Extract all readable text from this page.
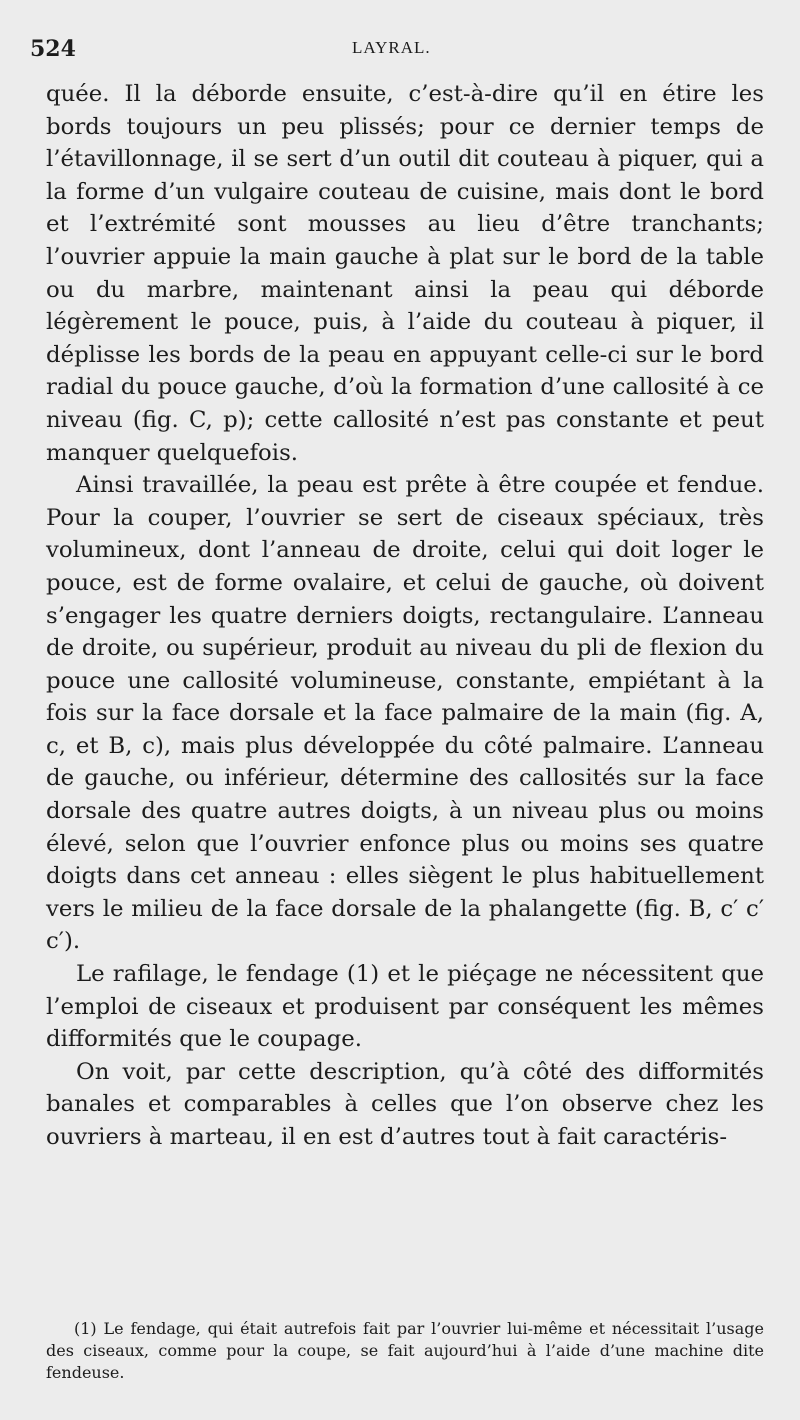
524	LAYRAL.

quée. Il la déborde ensuite, c’est-à-dire qu’il en étire les bords toujours un peu plissés; pour ce dernier temps de l’étavillonnage, il se sert d’un outil dit couteau à piquer, qui a la forme d’un vulgaire couteau de cuisine, mais dont le bord et l’extrémité sont mousses au lieu d’être tranchants; l’ouvrier appuie la main gauche à plat sur le bord de la table ou du marbre, maintenant ainsi la peau qui déborde légèrement le pouce, puis, à l’aide du couteau à piquer, il déplisse les bords de la peau en appuyant celle-ci sur le bord radial du pouce gauche, d’où la formation d’une callosité à ce niveau (fig. C, p); cette callosité n’est pas constante et peut manquer quelquefois.

Ainsi travaillée, la peau est prête à être coupée et fendue. Pour la couper, l’ouvrier se sert de ciseaux spéciaux, très volumineux, dont l’anneau de droite, celui qui doit loger le pouce, est de forme ovalaire, et celui de gauche, où doivent s’engager les quatre derniers doigts, rectangulaire. L’anneau de droite, ou supérieur, produit au niveau du pli de flexion du pouce une callosité volumineuse, constante, empiétant à la fois sur la face dorsale et la face palmaire de la main (fig. A, c, et B, c), mais plus développée du côté palmaire. L’anneau de gauche, ou inférieur, détermine des callosités sur la face dorsale des quatre autres doigts, à un niveau plus ou moins élevé, selon que l’ouvrier enfonce plus ou moins ses quatre doigts dans cet anneau : elles siègent le plus habituellement vers le milieu de la face dorsale de la phalangette (fig. B, c′ c′ c′).

Le rafilage, le fendage (1) et le piéçage ne nécessitent que l’emploi de ciseaux et produisent par conséquent les mêmes difformités que le coupage.

On voit, par cette description, qu’à côté des difformités banales et comparables à celles que l’on observe chez les ouvriers à marteau, il en est d’autres tout à fait caractéris-

(1) Le fendage, qui était autrefois fait par l’ouvrier lui-même et nécessitait l’usage des ciseaux, comme pour la coupe, se fait aujourd’hui à l’aide d’une machine dite fendeuse.
